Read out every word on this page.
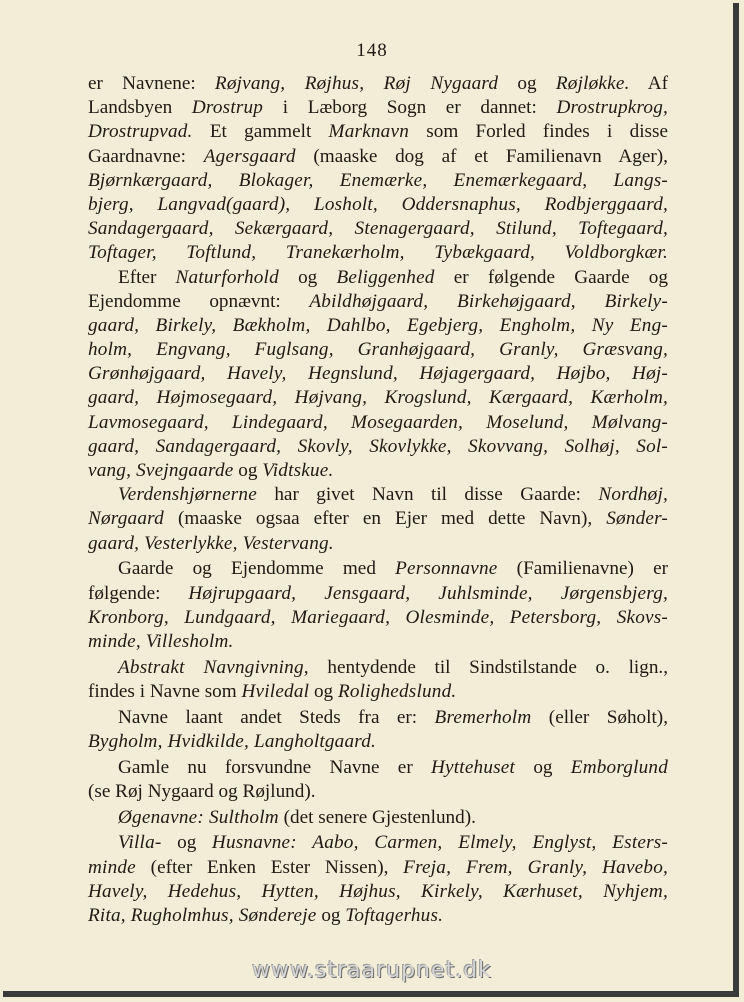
148
er Navnene: Røjvang, Røjhus, Røj Nygaard og Røjløkke. Af
Landsbyen Drostrup i Læborg Sogn er dannet: Drostrupkrog,
Drostrupvad. Et gammelt Marknavn som Forled findes i disse
Gaardnavne: Agersgaard (maaske dog af et Familienavn Ager),
Bjørnkærgaard, Blokager, Enemærke, Enemærkegaard, Langs-
bjerg, Langvad(gaard), Losholt, Oddersnaphus, Rodbjerggaard,
Sandagergaard, Sekærgaard, Stenagergaard, Stilund, Toftegaard,
Toftager, Toftlund, Tranekærholm, Tybækgaard, Voldborgkær.
Efter Naturforhold og Beliggenhed er følgende Gaarde og
Ejendomme opnævnt: Abildhøjgaard, Birkehøjgaard, Birkely-
gaard, Birkely, Bækholm, Dahlbo, Egebjerg, Engholm, Ny Eng-
holm, Engvang, Fuglsang, Granhøjgaard, Granly, Græsvang,
Grønhøjgaard, Havely, Hegnslund, Højagergaard, Højbo, Høj-
gaard, Højmosegaard, Højvang, Krogslund, Kærgaard, Kærholm,
Lavmosegaard, Lindegaard, Mosegaarden, Moselund, Mølvang-
gaard, Sandagergaard, Skovly, Skovlykke, Skovvang, Solhøj, Sol-
vang, Svejngaarde og Vidtskue.
Verdenshjørnerne har givet Navn til disse Gaarde: Nordhøj,
Nørgaard (maaske ogsaa efter en Ejer med dette Navn), Sønder-
gaard, Vesterlykke, Vestervang.
Gaarde og Ejendomme med Personnavne (Familienavne) er
følgende: Højrupgaard, Jensgaard, Juhlsminde, Jørgensbjerg,
Kronborg, Lundgaard, Mariegaard, Olesminde, Petersborg, Skovs-
minde, Villesholm.
Abstrakt Navngivning, hentydende til Sindstilstande o. lign.,
findes i Navne som Hviledal og Rolighedslund.
Navne laant andet Steds fra er: Bremerholm (eller Søholt),
Bygholm, Hvidkilde, Langholtgaard.
Gamle nu forsvundne Navne er Hyttehuset og Emborglund
(se Røj Nygaard og Røjlund).
Øgenavne: Sultholm (det senere Gjestenlund).
Villa- og Husnavne: Aabo, Carmen, Elmely, Englyst, Esters-
minde (efter Enken Ester Nissen), Freja, Frem, Granly, Havebo,
Havely, Hedehus, Hytten, Højhus, Kirkely, Kærhuset, Nyhjem,
Rita, Rugholmhus, Søndereje og Toftagerhus.
www.straarupnet.dk
